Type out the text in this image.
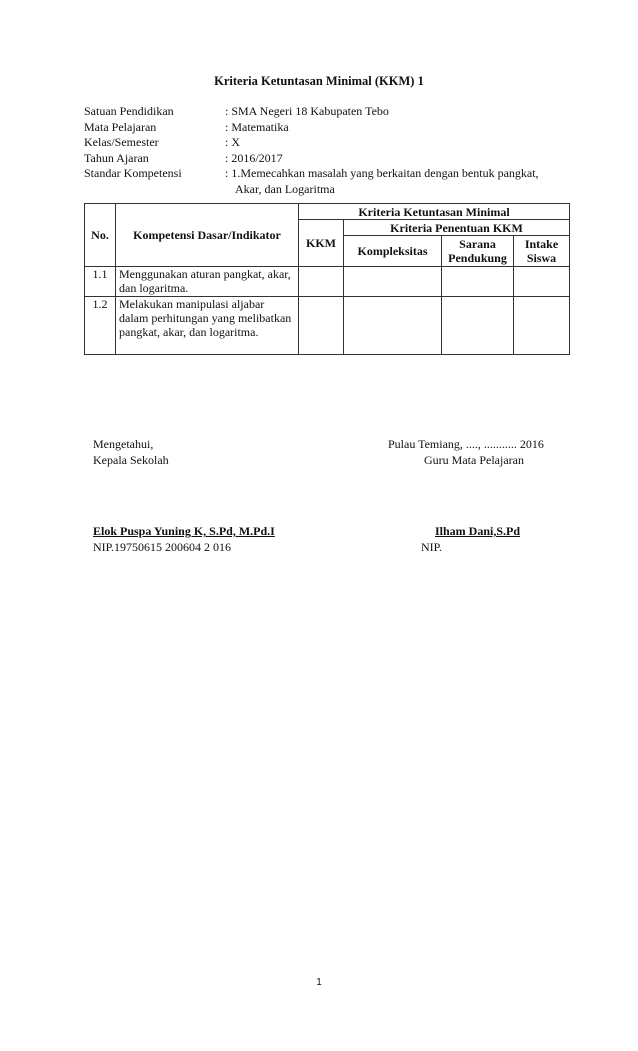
Kriteria Ketuntasan Minimal (KKM) 1
Satuan Pendidikan	: SMA Negeri 18 Kabupaten Tebo
Mata Pelajaran	: Matematika
Kelas/Semester	: X
Tahun Ajaran	: 2016/2017
Standar Kompetensi	: 1.Memecahkan masalah yang berkaitan dengan bentuk pangkat,
Akar, dan Logaritma
No.	Kompetensi Dasar/Indikator	Kriteria Ketuntasan Minimal			
		KKM	Kriteria Penentuan KKM		
			Kompleksitas	Sarana Pendukung	Intake Siswa
1.1	Menggunakan aturan pangkat, akar, dan logaritma.				
1.2	Melakukan manipulasi aljabar dalam perhitungan yang melibatkan pangkat, akar, dan logaritma.				
Mengetahui,
Kepala Sekolah
Pulau Temiang, ...., ........... 2016
Guru Mata Pelajaran
Elok Puspa Yuning K, S.Pd, M.Pd.I
NIP.19750615 200604 2 016
Ilham Dani,S.Pd
NIP.
1
